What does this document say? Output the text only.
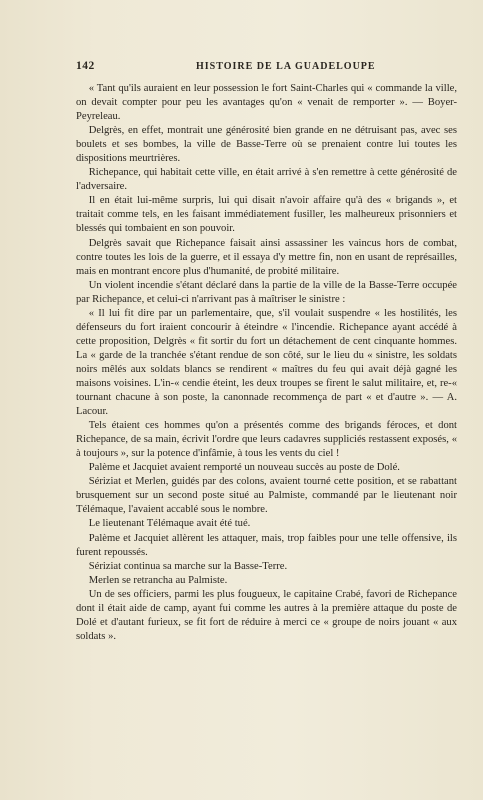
142	HISTOIRE DE LA GUADELOUPE

« Tant qu'ils auraient en leur possession le fort Saint-Charles qui « commande la ville, on devait compter pour peu les avantages qu'on « venait de remporter ». — Boyer-Peyreleau.

Delgrès, en effet, montrait une générosité bien grande en ne détruisant pas, avec ses boulets et ses bombes, la ville de Basse-Terre où se prenaient contre lui toutes les dispositions meurtrières.

Richepance, qui habitait cette ville, en était arrivé à s'en remettre à cette générosité de l'adversaire.

Il en était lui-même surpris, lui qui disait n'avoir affaire qu'à des « brigands », et traitait comme tels, en les faisant immédiatement fusiller, les malheureux prisonniers et blessés qui tombaient en son pouvoir.

Delgrès savait que Richepance faisait ainsi assassiner les vaincus hors de combat, contre toutes les lois de la guerre, et il essaya d'y mettre fin, non en usant de représailles, mais en montrant encore plus d'humanité, de probité militaire.

Un violent incendie s'étant déclaré dans la partie de la ville de la Basse-Terre occupée par Richepance, et celui-ci n'arrivant pas à maîtriser le sinistre :

« Il lui fit dire par un parlementaire, que, s'il voulait suspendre « les hostilités, les défenseurs du fort iraient concourir à éteindre « l'incendie. Richepance ayant accédé à cette proposition, Delgrès « fit sortir du fort un détachement de cent cinquante hommes. La « garde de la tranchée s'étant rendue de son côté, sur le lieu du « sinistre, les soldats noirs mêlés aux soldats blancs se rendirent « maîtres du feu qui avait déjà gagné les maisons voisines. L'in-« cendie éteint, les deux troupes se firent le salut militaire, et, re-« tournant chacune à son poste, la canonnade recommença de part « et d'autre ». — A. Lacour.

Tels étaient ces hommes qu'on a présentés comme des brigands féroces, et dont Richepance, de sa main, écrivit l'ordre que leurs cadavres suppliciés restassent exposés, « à toujours », sur la potence d'infâmie, à tous les vents du ciel !

Palème et Jacquiet avaient remporté un nouveau succès au poste de Dolé.

Sériziat et Merlen, guidés par des colons, avaient tourné cette position, et se rabattant brusquement sur un second poste situé au Palmiste, commandé par le lieutenant noir Télémaque, l'avaient accablé sous le nombre.

Le lieutenant Télémaque avait été tué.

Palème et Jacquiet allèrent les attaquer, mais, trop faibles pour une telle offensive, ils furent repoussés.

Sériziat continua sa marche sur la Basse-Terre.

Merlen se retrancha au Palmiste.

Un de ses officiers, parmi les plus fougueux, le capitaine Crabé, favori de Richepance dont il était aide de camp, ayant fui comme les autres à la première attaque du poste de Dolé et d'autant furieux, se fit fort de réduire à merci ce « groupe de noirs jouant « aux soldats ».
